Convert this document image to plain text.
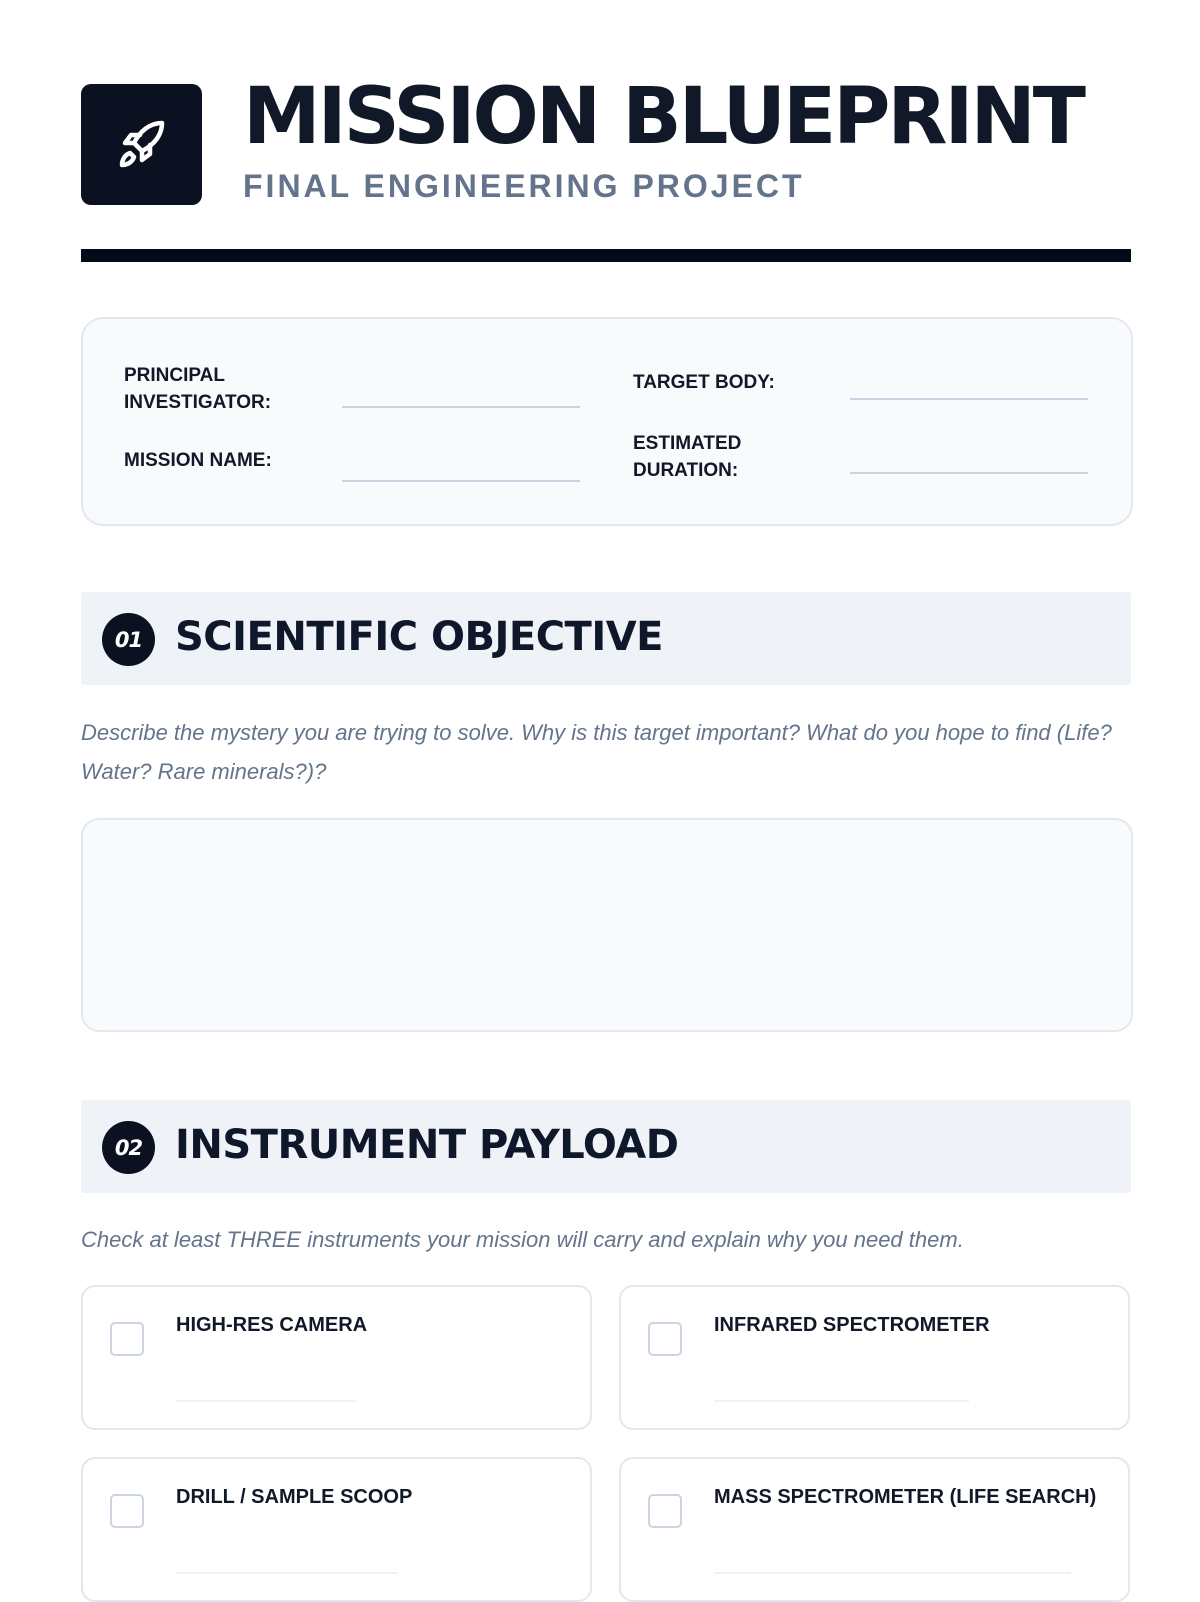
MISSION BLUEPRINT
FINAL ENGINEERING PROJECT
PRINCIPAL INVESTIGATOR:
MISSION NAME:
TARGET BODY:
ESTIMATED DURATION:
01 SCIENTIFIC OBJECTIVE
Describe the mystery you are trying to solve. Why is this target important? What do you hope to find (Life? Water? Rare minerals?)?
02 INSTRUMENT PAYLOAD
Check at least THREE instruments your mission will carry and explain why you need them.
HIGH-RES CAMERA	INFRARED SPECTROMETER
DRILL / SAMPLE SCOOP	MASS SPECTROMETER (LIFE SEARCH)
